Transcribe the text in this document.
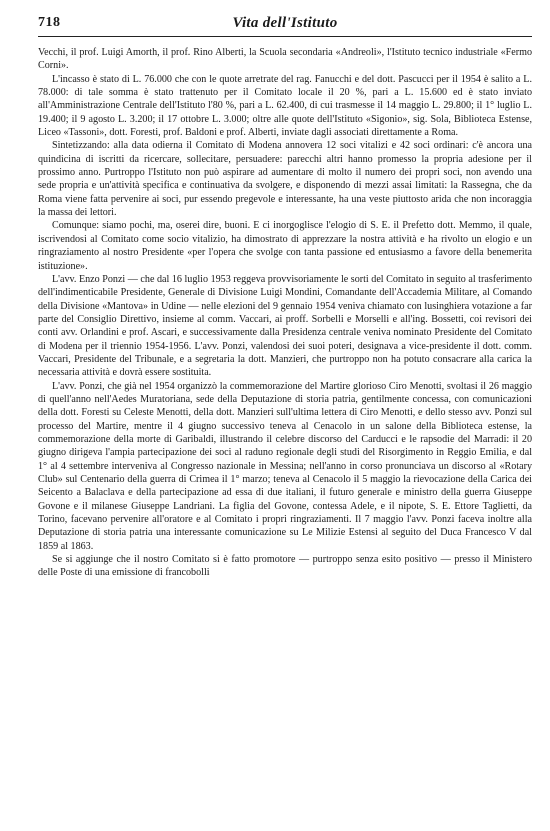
718	Vita dell'Istituto

Vecchi, il prof. Luigi Amorth, il prof. Rino Alberti, la Scuola secondaria «Andreoli», l'Istituto tecnico industriale «Fermo Corni».

L'incasso è stato di L. 76.000 che con le quote arretrate del rag. Fanucchi e del dott. Pascucci per il 1954 è salito a L. 78.000: di tale somma è stato trattenuto per il Comitato locale il 20 %, pari a L. 15.600 ed è stato inviato all'Amministrazione Centrale dell'Istituto l'80 %, pari a L. 62.400, di cui trasmesse il 14 maggio L. 29.800; il 1° luglio L. 19.400; il 9 agosto L. 3.200; il 17 ottobre L. 3.000; oltre alle quote dell'Istituto «Sigonio», sig. Sola, Biblioteca Estense, Liceo «Tassoni», dott. Foresti, prof. Baldoni e prof. Alberti, inviate dagli associati direttamente a Roma.

Sintetizzando: alla data odierna il Comitato di Modena annovera 12 soci vitalizi e 42 soci ordinari: c'è ancora una quindicina di iscritti da ricercare, sollecitare, persuadere: parecchi altri hanno promesso la propria adesione per il prossimo anno. Purtroppo l'Istituto non può aspirare ad aumentare di molto il numero dei propri soci, non avendo una sede propria e un'attività specifica e continuativa da svolgere, e disponendo di mezzi assai limitati: la Rassegna, che da Roma viene fatta pervenire ai soci, pur essendo pregevole e interessante, ha una veste piuttosto arida che non incoraggia la massa dei lettori.

Comunque: siamo pochi, ma, oserei dire, buoni. E ci inorgoglisce l'elogio di S. E. il Prefetto dott. Memmo, il quale, iscrivendosi al Comitato come socio vitalizio, ha dimostrato di apprezzare la nostra attività e ha rivolto un elogio e un ringraziamento al nostro Presidente «per l'opera che svolge con tanta passione ed entusiasmo a favore della benemerita istituzione».

L'avv. Enzo Ponzi — che dal 16 luglio 1953 reggeva provvisoriamente le sorti del Comitato in seguito al trasferimento dell'indimenticabile Presidente, Generale di Divisione Luigi Mondini, Comandante dell'Accademia Militare, al Comando della Divisione «Mantova» in Udine — nelle elezioni del 9 gennaio 1954 veniva chiamato con lusinghiera votazione a far parte del Consiglio Direttivo, insieme al comm. Vaccari, ai proff. Sorbelli e Morselli e all'ing. Bossetti, coi revisori dei conti avv. Orlandini e prof. Ascari, e successivamente dalla Presidenza centrale veniva nominato Presidente del Comitato di Modena per il triennio 1954-1956. L'avv. Ponzi, valendosi dei suoi poteri, designava a vice-presidente il dott. comm. Vaccari, Presidente del Tribunale, e a segretaria la dott. Manzieri, che purtroppo non ha potuto consacrare alla carica la necessaria attività e dovrà essere sostituita.

L'avv. Ponzi, che già nel 1954 organizzò la commemorazione del Martire glorioso Ciro Menotti, svoltasi il 26 maggio di quell'anno nell'Aedes Muratoriana, sede della Deputazione di storia patria, gentilmente concessa, con comunicazioni della dott. Foresti su Celeste Menotti, della dott. Manzieri sull'ultima lettera di Ciro Menotti, e dello stesso avv. Ponzi sul processo del Martire, mentre il 4 giugno successivo teneva al Cenacolo in un salone della Biblioteca estense, la commemorazione della morte di Garibaldi, illustrando il celebre discorso del Carducci e le rapsodie del Marradi: il 20 giugno dirigeva l'ampia partecipazione dei soci al raduno regionale degli studi del Risorgimento in Reggio Emilia, e dal 1° al 4 settembre interveniva al Congresso nazionale in Messina; nell'anno in corso pronunciava un discorso al «Rotary Club» sul Centenario della guerra di Crimea il 1° marzo; teneva al Cenacolo il 5 maggio la rievocazione della Carica dei Seicento a Balaclava e della partecipazione ad essa di due italiani, il futuro generale e ministro della guerra Giuseppe Govone e il milanese Giuseppe Landriani. La figlia del Govone, contessa Adele, e il nipote, S. E. Ettore Taglietti, da Torino, facevano pervenire all'oratore e al Comitato i propri ringraziamenti. Il 7 maggio l'avv. Ponzi faceva inoltre alla Deputazione di storia patria una interessante comunicazione su Le Milizie Estensi al seguito del Duca Francesco V dal 1859 al 1863.

Se si aggiunge che il nostro Comitato si è fatto promotore — purtroppo senza esito positivo — presso il Ministero delle Poste di una emissione di francobolli
